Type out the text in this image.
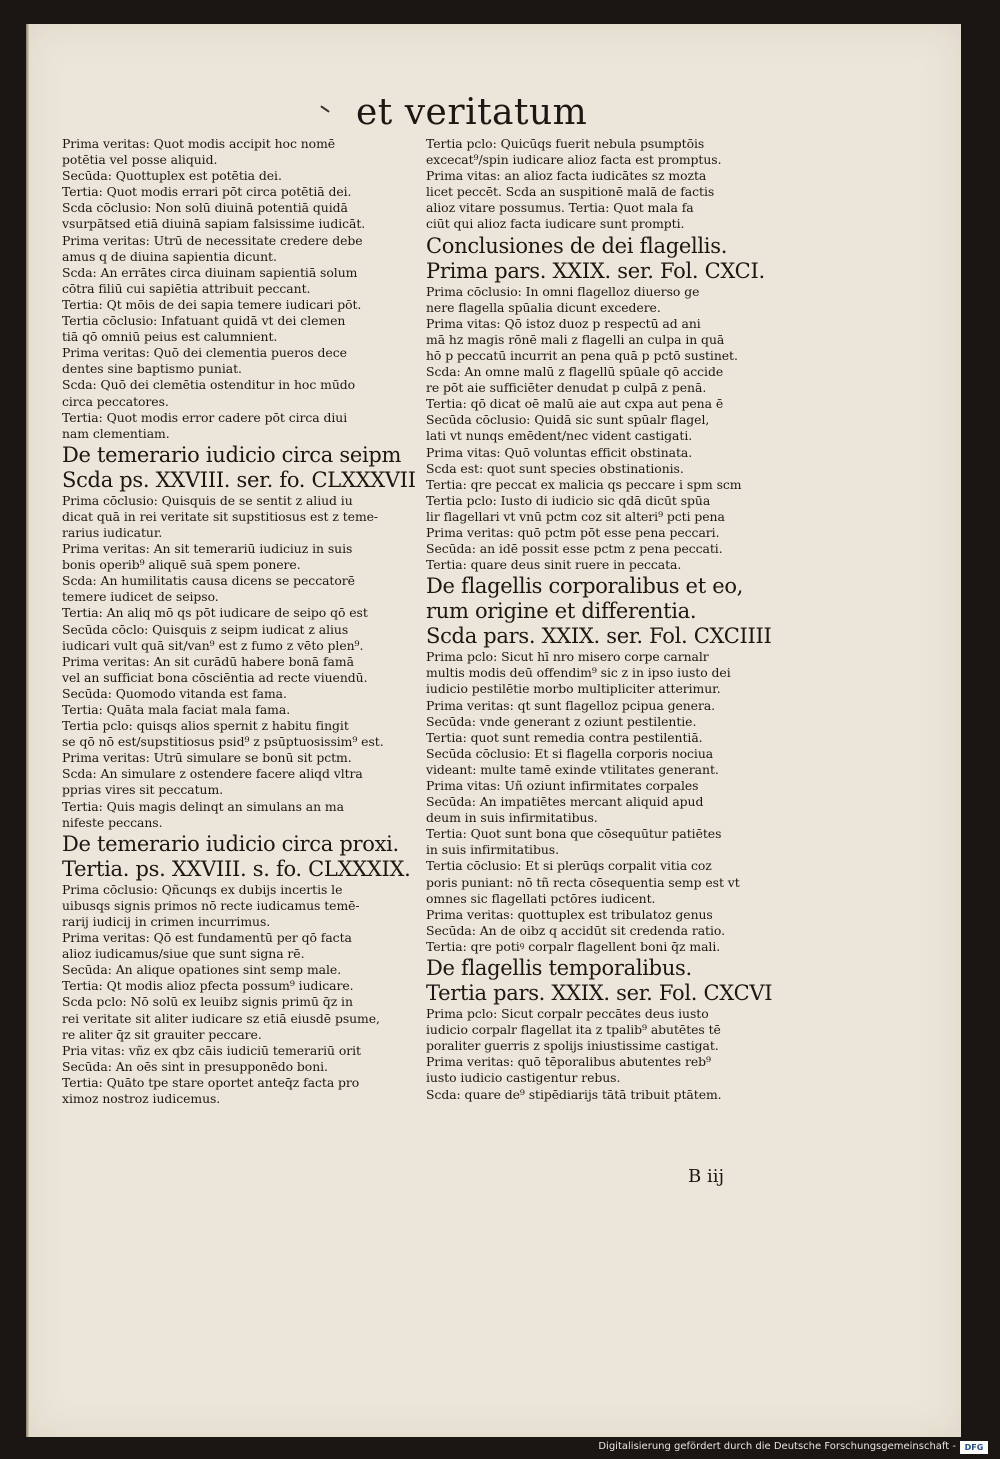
et veritatum
Prima veritas: Quot modis accipit hoc nomē
potētia vel posse aliquid.
Secūda: Quottuplex est potētia dei.
Tertia: Quot modis errari pōt circa potētiā dei.
Scda cōclusio: Non solū diuinā potentiā quidā
vsurpātsed etiā diuinā sapiam falsissime iudicāt.
Prima veritas: Utrū de necessitate credere debe
amus q de diuina sapientia dicunt.
Scda: An errātes circa diuinam sapientiā solum
cōtra filiū cui sapiētia attribuit peccant.
Tertia: Qt mōis de dei sapia temere iudicari pōt.
Tertia cōclusio: Infatuant quidā vt dei clemen
tiā qō omniū peius est calumnient.
Prima veritas: Quō dei clementia pueros dece
dentes sine baptismo puniat.
Scda: Quō dei clemētia ostenditur in hoc mūdo
circa peccatores.
Tertia: Quot modis error cadere pōt circa diui
nam clementiam.
De temerario iudicio circa seipm
Scda ps. XXVIII. ser. fo. CLXXXVII
Prima cōclusio: Quisquis de se sentit z aliud iu
dicat quā in rei veritate sit supstitiosus est z teme-
rarius iudicatur.
Prima veritas: An sit temerariū iudiciuz in suis
bonis operib⁹ aliquē suā spem ponere.
Scda: An humilitatis causa dicens se peccatorē
temere iudicet de seipso.
Tertia: An aliq mō qs pōt iudicare de seipo qō est
Secūda cōclo: Quisquis z seipm iudicat z alius
iudicari vult quā sit/van⁹ est z fumo z vēto plen⁹.
Prima veritas: An sit curādū habere bonā famā
vel an sufficiat bona cōsciēntia ad recte viuendū.
Secūda: Quomodo vitanda est fama.
Tertia: Quāta mala faciat mala fama.
Tertia pclo: quisqs alios spernit z habitu fingit
se qō nō est/supstitiosus psid⁹ z psūptuosissim⁹ est.
Prima veritas: Utrū simulare se bonū sit pctm.
Scda: An simulare z ostendere facere aliqd vltra
pprias vires sit peccatum.
Tertia: Quis magis delinqt an simulans an ma
nifeste peccans.
De temerario iudicio circa proxi.
Tertia. ps. XXVIII. s. fo. CLXXXIX.
Prima cōclusio: Qñcunqs ex dubijs incertis le
uibusqs signis primos nō recte iudicamus temē-
rarij iudicij in crimen incurrimus.
Prima veritas: Qō est fundamentū per qō facta
alioz iudicamus/siue que sunt signa rē.
Secūda: An alique opationes sint semp male.
Tertia: Qt modis alioz pfecta possum⁹ iudicare.
Scda pclo: Nō solū ex leuibz signis primū q̄z in
rei veritate sit aliter iudicare sz etiā eiusdē psume,
re aliter q̄z sit grauiter peccare.
Pria vitas: vñz ex qbz cāis iudiciū temerariū orit
Secūda: An oēs sint in presupponēdo boni.
Tertia: Quāto tpe stare oportet anteq̄z facta pro
ximoz nostroz iudicemus.
Tertia pclo: Quicūqs fuerit nebula psumptōis
excecat⁹/spin iudicare alioz facta est promptus.
Prima vitas: an alioz facta iudicātes sz mozta
licet peccēt. Scda an suspitionē malā de factis
alioz vitare possumus. Tertia: Quot mala fa
ciūt qui alioz facta iudicare sunt prompti.
Conclusiones de dei flagellis.
Prima pars. XXIX. ser. Fol. CXCI.
Prima cōclusio: In omni flagelloz diuerso ge
nere flagella spūalia dicunt excedere.
Prima vitas: Qō istoz duoz p respectū ad ani
mā hz magis rōnē mali z flagelli an culpa in quā
hō p peccatū incurrit an pena quā p pctō sustinet.
Scda: An omne malū z flagellū spūale qō accide
re pōt aie sufficiēter denudat p culpā z penā.
Tertia: qō dicat oē malū aie aut cxpa aut pena ē
Secūda cōclusio: Quidā sic sunt spūalr flagel,
lati vt nunqs emēdent/nec vident castigati.
Prima vitas: Quō voluntas efficit obstinata.
Scda est: quot sunt species obstinationis.
Tertia: qre peccat ex malicia qs peccare i spm scm
Tertia pclo: Iusto di iudicio sic qdā dicūt spūa
lir flagellari vt vnū pctm coz sit alteri⁹ pcti pena
Prima veritas: quō pctm pōt esse pena peccari.
Secūda: an idē possit esse pctm z pena peccati.
Tertia: quare deus sinit ruere in peccata.
De flagellis corporalibus et eo,
rum origine et differentia.
Scda pars. XXIX. ser. Fol. CXCIIII
Prima pclo: Sicut hī nro misero corpe carnalr
multis modis deū offendim⁹ sic z in ipso iusto dei
iudicio pestilētie morbo multipliciter atterimur.
Prima veritas: qt sunt flagelloz pcipua genera.
Secūda: vnde generant z oziunt pestilentie.
Tertia: quot sunt remedia contra pestilentiā.
Secūda cōclusio: Et si flagella corporis nociua
videant: multe tamē exinde vtilitates generant.
Prima vitas: Uñ oziunt infirmitates corpales
Secūda: An impatiētes mercant aliquid apud
deum in suis infirmitatibus.
Tertia: Quot sunt bona que cōsequūtur patiētes
in suis infirmitatibus.
Tertia cōclusio: Et si plerūqs corpalit vitia coz
poris puniant: nō tñ recta cōsequentia semp est vt
omnes sic flagellati pctōres iudicent.
Prima veritas: quottuplex est tribulatoz genus
Secūda: An de oibz q accidūt sit credenda ratio.
Tertia: qre potiꝰ corpalr flagellent boni q̄z mali.
De flagellis temporalibus.
Tertia pars. XXIX. ser. Fol. CXCVI
Prima pclo: Sicut corpalr peccātes deus iusto
iudicio corpalr flagellat ita z tpalib⁹ abutētes tē
poraliter guerris z spolijs iniustissime castigat.
Prima veritas: quō tēporalibus abutentes reb⁹
iusto iudicio castigentur rebus.
Scda: quare de⁹ stipēdiarijs tātā tribuit ptātem.

B iij

Digitalisierung gefördert durch die Deutsche Forschungsgemeinschaft -	DFG
